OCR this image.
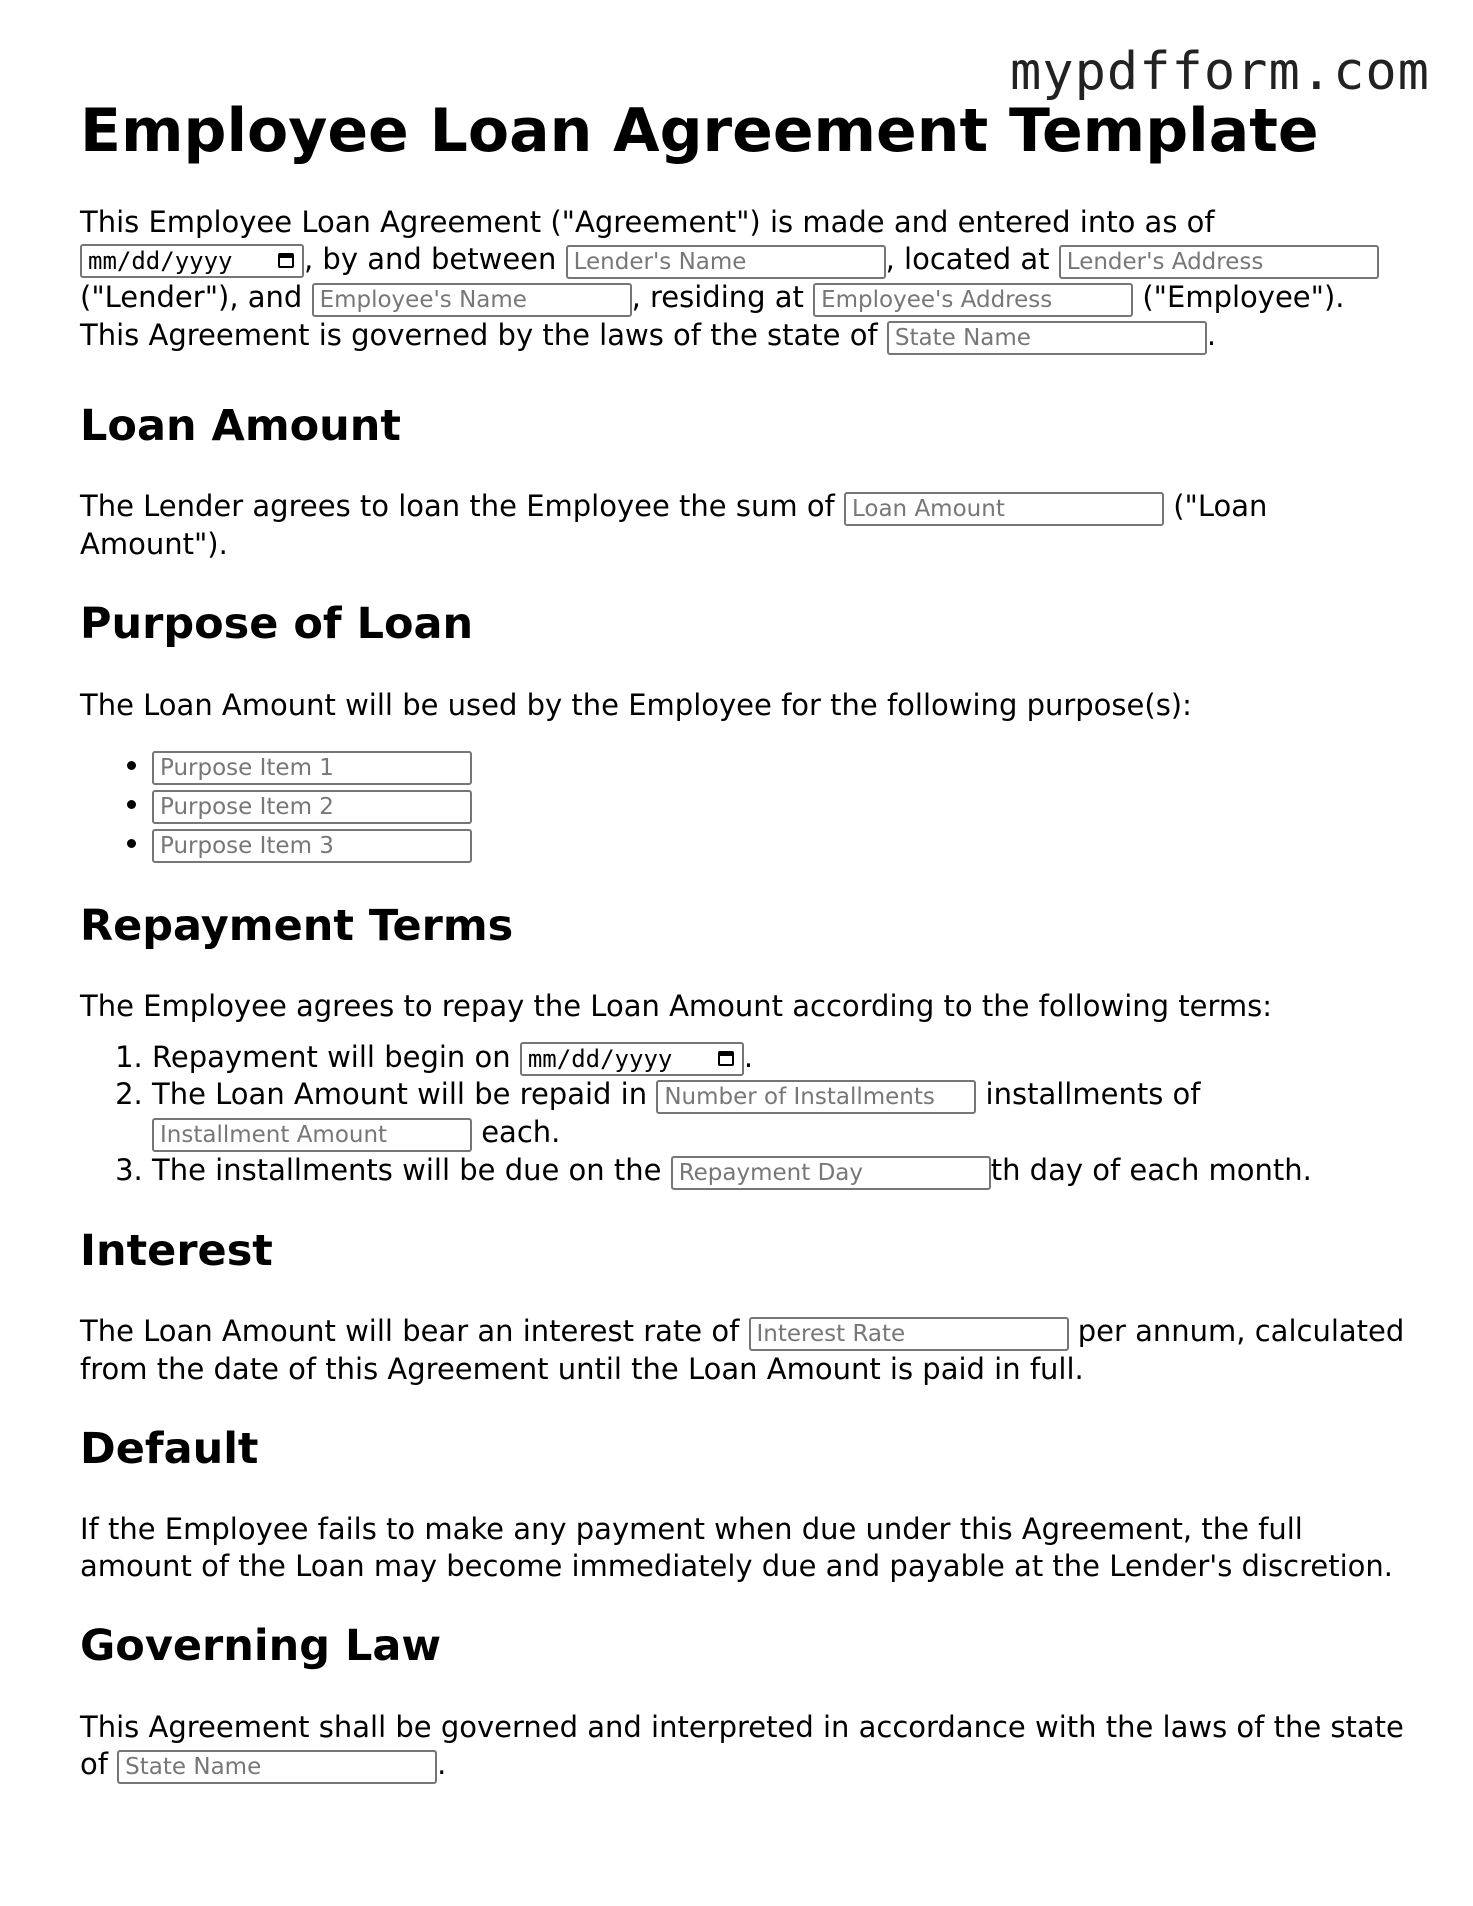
mypdfform.com
Employee Loan Agreement Template

This Employee Loan Agreement ("Agreement") is made and entered into as of mm/dd/yyyy , by and between Lender's Name	, located at Lender's Address ("Lender"), and Employee's Name	, residing at Employee's Address	("Employee"). This Agreement is governed by the laws of the state of State Name	.

Loan Amount

The Lender agrees to loan the Employee the sum of Loan Amount	("Loan Amount").

Purpose of Loan

The Loan Amount will be used by the Employee for the following purpose(s):

• Purpose Item 1
• Purpose Item 2
• Purpose Item 3
Repayment Terms

The Employee agrees to repay the Loan Amount according to the following terms:

1. Repayment will begin on mm/dd/yyyy .
2. The Loan Amount will be repaid in Number of Installments	installments of Installment Amount each.
3. The installments will be due on the Repayment Day	th day of each month.
Interest

The Loan Amount will bear an interest rate of Interest Rate	per annum, calculated from the date of this Agreement until the Loan Amount is paid in full.

Default

If the Employee fails to make any payment when due under this Agreement, the full amount of the Loan may become immediately due and payable at the Lender's discretion.

Governing Law

This Agreement shall be governed and interpreted in accordance with the laws of the state of State Name	.
